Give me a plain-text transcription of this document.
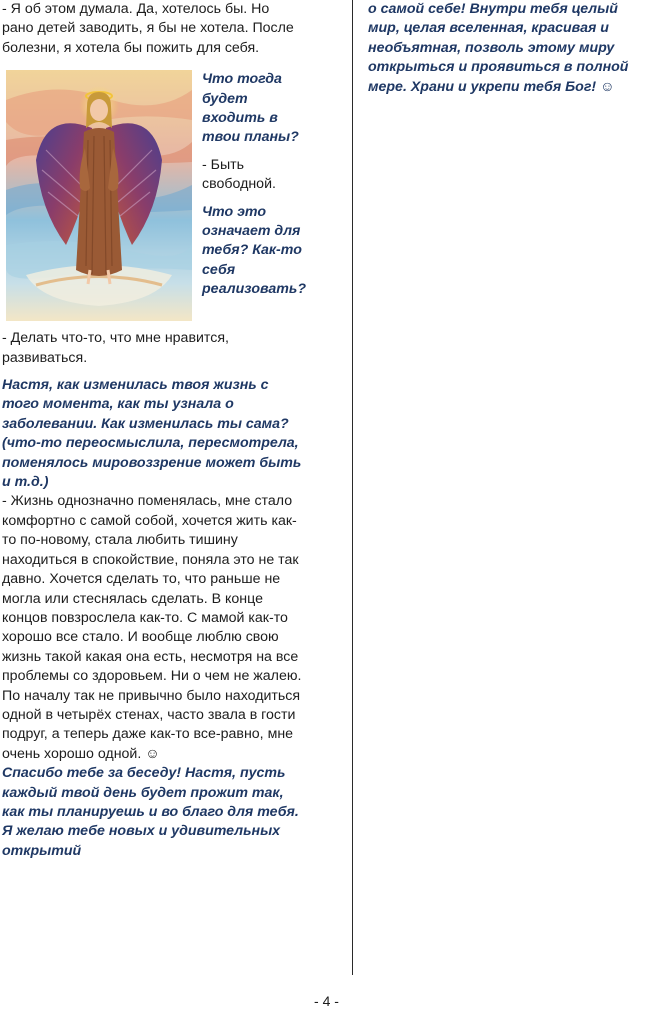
- Я об этом думала. Да, хотелось бы. Но рано детей заводить, я бы не хотела. После болезни, я хотела бы пожить для себя.

Что тогда будет входить в твои планы?

- Быть свободной.

Что это означает для тебя? Как-то себя реализовать?

- Делать что-то, что мне нравится, развиваться.

Настя, как изменилась твоя жизнь с того момента, как ты узнала о заболевании. Как изменилась ты сама? (что-то переосмыслила, пересмотрела, поменялось мировоззрение может быть и т.д.)

- Жизнь однозначно поменялась, мне стало комфортно с самой собой, хочется жить как-то по-новому, стала любить тишину находиться в спокойствие, поняла это не так давно. Хочется сделать то, что раньше не могла или стеснялась сделать. В конце концов повзрослела как-то. С мамой как-то хорошо все стало. И вообще люблю свою жизнь такой какая она есть, несмотря на все проблемы со здоровьем. Ни о чем не жалею. По началу так не привычно было находиться одной в четырёх стенах, часто звала в гости подруг, а теперь даже как-то все-равно, мне очень хорошо одной. ☺

Спасибо тебе за беседу! Настя, пусть каждый твой день будет прожит так, как ты планируешь и во благо для тебя. Я желаю тебе новых и удивительных открытий

о самой себе! Внутри тебя целый мир, целая вселенная, красивая и необъятная, позволь этому миру открыться и проявиться в полной мере. Храни и укрепи тебя Бог! ☺

- 4 -
